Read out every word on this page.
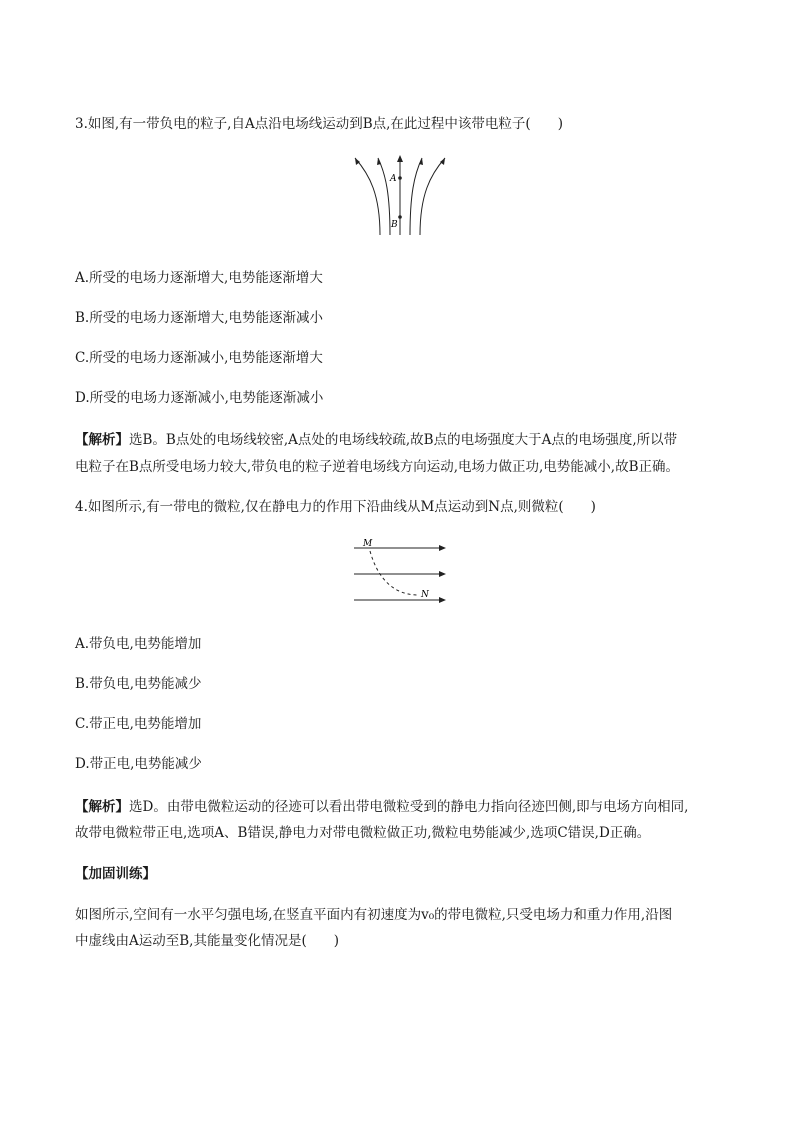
3.如图,有一带负电的粒子,自A点沿电场线运动到B点,在此过程中该带电粒子(　　)
A
B
A.所受的电场力逐渐增大,电势能逐渐增大
B.所受的电场力逐渐增大,电势能逐渐减小
C.所受的电场力逐渐减小,电势能逐渐增大
D.所受的电场力逐渐减小,电势能逐渐减小
【解析】选B。B点处的电场线较密,A点处的电场线较疏,故B点的电场强度大于A点的电场强度,所以带
电粒子在B点所受电场力较大,带负电的粒子逆着电场线方向运动,电场力做正功,电势能减小,故B正确。
4.如图所示,有一带电的微粒,仅在静电力的作用下沿曲线从M点运动到N点,则微粒(　　)
M
N
A.带负电,电势能增加
B.带负电,电势能减少
C.带正电,电势能增加
D.带正电,电势能减少
【解析】选D。由带电微粒运动的径迹可以看出带电微粒受到的静电力指向径迹凹侧,即与电场方向相同,
故带电微粒带正电,选项A、B错误,静电力对带电微粒做正功,微粒电势能减少,选项C错误,D正确。
【加固训练】
如图所示,空间有一水平匀强电场,在竖直平面内有初速度为v₀的带电微粒,只受电场力和重力作用,沿图
中虚线由A运动至B,其能量变化情况是(　　)
